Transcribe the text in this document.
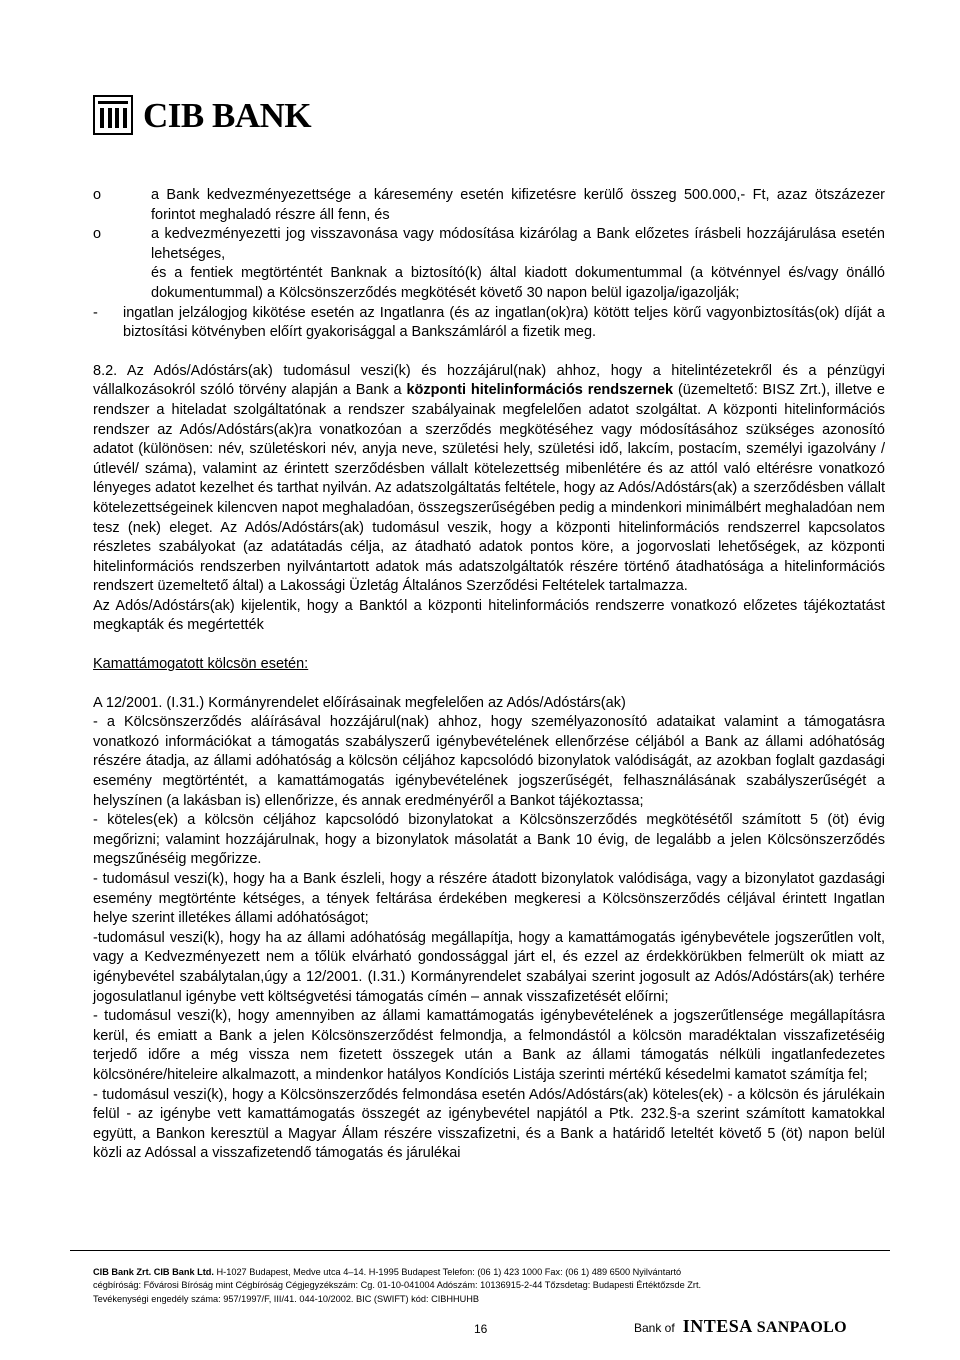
CIB BANK
o	a Bank kedvezményezettsége a káresemény esetén kifizetésre kerülő összeg 500.000,- Ft, azaz ötszázezer forintot meghaladó részre áll fenn, és
o	a kedvezményezetti jog visszavonása vagy módosítása kizárólag a Bank előzetes írásbeli hozzájárulása esetén lehetséges,
és a fentiek megtörténtét Banknak a biztosító(k) által kiadott dokumentummal (a kötvénnyel és/vagy önálló dokumentummal) a Kölcsönszerződés megkötését követő 30 napon belül igazolja/igazolják;
- ingatlan jelzálogjog kikötése esetén az Ingatlanra (és az ingatlan(ok)ra) kötött teljes körű vagyonbiztosítás(ok) díját a biztosítási kötvényben előírt gyakorisággal a Bankszámláról a fizetik meg.

8.2. Az Adós/Adóstárs(ak) tudomásul veszi(k) és hozzájárul(nak) ahhoz, hogy a hitelintézetekről és a pénzügyi vállalkozásokról szóló törvény alapján a Bank a központi hitelinformációs rendszernek (üzemeltető: BISZ Zrt.), illetve e rendszer a hiteladat szolgáltatónak a rendszer szabályainak megfelelően adatot szolgáltat. A központi hitelinformációs rendszer az Adós/Adóstárs(ak)ra vonatkozóan a szerződés megkötéséhez vagy módosításához szükséges azonosító adatot (különösen: név, születéskori név, anyja neve, születési hely, születési idő, lakcím, postacím, személyi igazolvány /útlevél/ száma), valamint az érintett szerződésben vállalt kötelezettség mibenlétére és az attól való eltérésre vonatkozó lényeges adatot kezelhet és tarthat nyilván. Az adatszolgáltatás feltétele, hogy az Adós/Adóstárs(ak) a szerződésben vállalt kötelezettségeinek kilencven napot meghaladóan, összegszerűségében pedig a mindenkori minimálbért meghaladóan nem tesz (nek) eleget. Az Adós/Adóstárs(ak) tudomásul veszik, hogy a központi hitelinformációs rendszerrel kapcsolatos részletes szabályokat (az adatátadás célja, az átadható adatok pontos köre, a jogorvoslati lehetőségek, az központi hitelinformációs rendszerben nyilvántartott adatok más adatszolgáltatók részére történő átadhatósága a hitelinformációs rendszert üzemeltető által) a Lakossági Üzletág Általános Szerződési Feltételek tartalmazza.

Az Adós/Adóstárs(ak) kijelentik, hogy a Banktól a központi hitelinformációs rendszerre vonatkozó előzetes tájékoztatást megkapták és megértették

Kamattámogatott kölcsön esetén:

A 12/2001. (I.31.) Kormányrendelet előírásainak megfelelően az Adós/Adóstárs(ak)

- a Kölcsönszerződés aláírásával hozzájárul(nak) ahhoz, hogy személyazonosító adataikat valamint a támogatásra vonatkozó információkat a támogatás szabályszerű igénybevételének ellenőrzése céljából a Bank az állami adóhatóság részére átadja, az állami adóhatóság a kölcsön céljához kapcsolódó bizonylatok valódiságát, az azokban foglalt gazdasági esemény megtörténtét, a kamattámogatás igénybevételének jogszerűségét, felhasználásának szabályszerűségét a helyszínen (a lakásban is) ellenőrizze, és annak eredményéről a Bankot tájékoztassa;

- köteles(ek) a kölcsön céljához kapcsolódó bizonylatokat a Kölcsönszerződés megkötésétől számított 5 (öt) évig megőrizni; valamint hozzájárulnak, hogy a bizonylatok másolatát a Bank 10 évig, de legalább a jelen Kölcsönszerződés megszűnéséig megőrizze.

- tudomásul veszi(k), hogy ha a Bank észleli, hogy a részére átadott bizonylatok valódisága, vagy a bizonylatot gazdasági esemény megtörténte kétséges, a tények feltárása érdekében megkeresi a Kölcsönszerződés céljával érintett Ingatlan helye szerint illetékes állami adóhatóságot;

-tudomásul veszi(k), hogy ha az állami adóhatóság megállapítja, hogy a kamattámogatás igénybevétele jogszerűtlen volt, vagy a Kedvezményezett nem a tőlük elvárható gondossággal járt el, és ezzel az érdekkörükben felmerült ok miatt az igénybevétel szabálytalan,úgy a 12/2001. (I.31.) Kormányrendelet szabályai szerint jogosult az Adós/Adóstárs(ak) terhére jogosulatlanul igénybe vett költségvetési támogatás címén – annak visszafizetését előírni;

- tudomásul veszi(k), hogy amennyiben az állami kamattámogatás igénybevételének a jogszerűtlensége megállapításra kerül, és emiatt a Bank a jelen Kölcsönszerződést felmondja, a felmondástól a kölcsön maradéktalan visszafizetéséig terjedő időre a még vissza nem fizetett összegek után a Bank az állami támogatás nélküli ingatlanfedezetes kölcsönére/hiteleire alkalmazott, a mindenkor hatályos Kondíciós Listája szerinti mértékű késedelmi kamatot számítja fel;

- tudomásul veszi(k), hogy a Kölcsönszerződés felmondása esetén Adós/Adóstárs(ak) köteles(ek) - a kölcsön és járulékain felül - az igénybe vett kamattámogatás összegét az igénybevétel napjától a Ptk. 232.§-a szerint számított kamatokkal együtt, a Bankon keresztül a Magyar Állam részére visszafizetni, és a Bank a határidő leteltét követő 5 (öt) napon belül közli az Adóssal a visszafizetendő támogatás és járulékai

CIB Bank Zrt. CIB Bank Ltd. H-1027 Budapest, Medve utca 4–14. H-1995 Budapest Telefon: (06 1) 423 1000 Fax: (06 1) 489 6500 Nyilvántartó
cégbíróság: Fővárosi Bíróság mint Cégbíróság Cégjegyzékszám: Cg. 01-10-041004 Adószám: 10136915-2-44 Tőzsdetag: Budapesti Értéktőzsde Zrt.
Tevékenységi engedély száma: 957/1997/F, III/41. 044-10/2002. BIC (SWIFT) kód: CIBHHUHB
16	Bank of INTESA SANPAOLO
